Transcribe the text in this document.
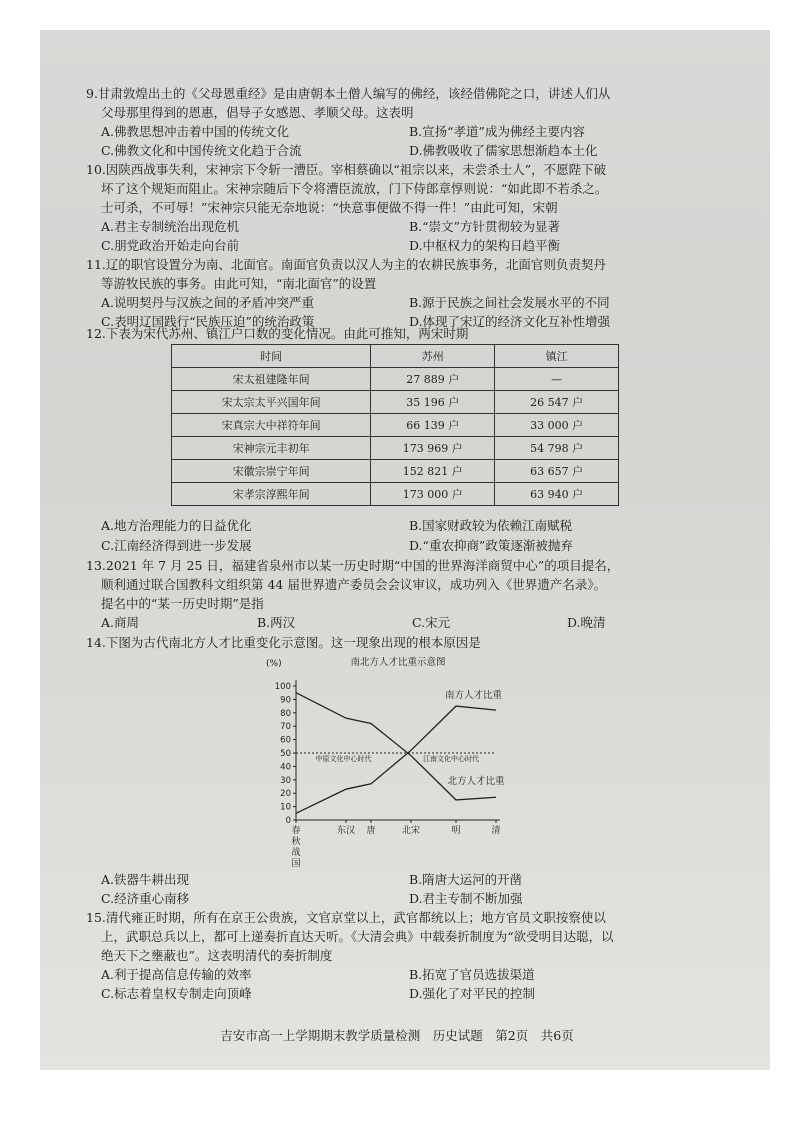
9.甘肃敦煌出土的《父母恩重经》是由唐朝本土僧人编写的佛经，该经借佛陀之口，讲述人们从
父母那里得到的恩惠，倡导子女感恩、孝顺父母。这表明
A.佛教思想冲击着中国的传统文化	B.宣扬“孝道”成为佛经主要内容
C.佛教文化和中国传统文化趋于合流	D.佛教吸收了儒家思想渐趋本土化
10.因陕西战事失利，宋神宗下令斩一漕臣。宰相蔡确以“祖宗以来，未尝杀士人”，不愿陛下破
坏了这个规矩而阻止。宋神宗随后下令将漕臣流放，门下侍郎章惇则说：“如此即不若杀之。
士可杀，不可辱！”宋神宗只能无奈地说：“快意事便做不得一件！”由此可知，宋朝
A.君主专制统治出现危机	B.“崇文”方针贯彻较为显著
C.朋党政治开始走向台前	D.中枢权力的架构日趋平衡
11.辽的职官设置分为南、北面官。南面官负责以汉人为主的农耕民族事务，北面官则负责契丹
等游牧民族的事务。由此可知，“南北面官”的设置
A.说明契丹与汉族之间的矛盾冲突严重	B.源于民族之间社会发展水平的不同
C.表明辽国践行“民族压迫”的统治政策	D.体现了宋辽的经济文化互补性增强
12.下表为宋代苏州、镇江户口数的变化情况。由此可推知，两宋时期
时间	苏州	镇江
宋太祖建隆年间	27 889 户	—
宋太宗太平兴国年间	35 196 户	26 547 户
宋真宗大中祥符年间	66 139 户	33 000 户
宋神宗元丰初年	173 969 户	54 798 户
宋徽宗崇宁年间	152 821 户	63 657 户
宋孝宗淳熙年间	173 000 户	63 940 户
A.地方治理能力的日益优化	B.国家财政较为依赖江南赋税
C.江南经济得到进一步发展	D.“重农抑商”政策逐渐被抛弃
13.2021 年 7 月 25 日，福建省泉州市以某一历史时期“中国的世界海洋商贸中心”的项目提名，
顺利通过联合国教科文组织第 44 届世界遗产委员会会议审议，成功列入《世界遗产名录》。
提名中的“某一历史时期”是指
A.商周	B.两汉	C.宋元	D.晚清
14.下图为古代南北方人才比重变化示意图。这一现象出现的根本原因是
南北方人才比重示意图
(%)
100
90
80
70
60
50
40
30
20
10
0
春
秋
战
国
东汉 唐	北宋	明	清
南方人才比重
北方人才比重
中原文化中心时代	江南文化中心时代
A.铁器牛耕出现	B.隋唐大运河的开凿
C.经济重心南移	D.君主专制不断加强
15.清代雍正时期，所有在京王公贵族，文官京堂以上，武官都统以上；地方官员文职按察使以
上，武职总兵以上，都可上递奏折直达天听。《大清会典》中载奏折制度为“欲受明目达聪，以
绝天下之壅蔽也”。这表明清代的奏折制度
A.利于提高信息传输的效率	B.拓宽了官员选拔渠道
C.标志着皇权专制走向顶峰	D.强化了对平民的控制
吉安市高一上学期期末教学质量检测　历史试题　第2页　共6页
